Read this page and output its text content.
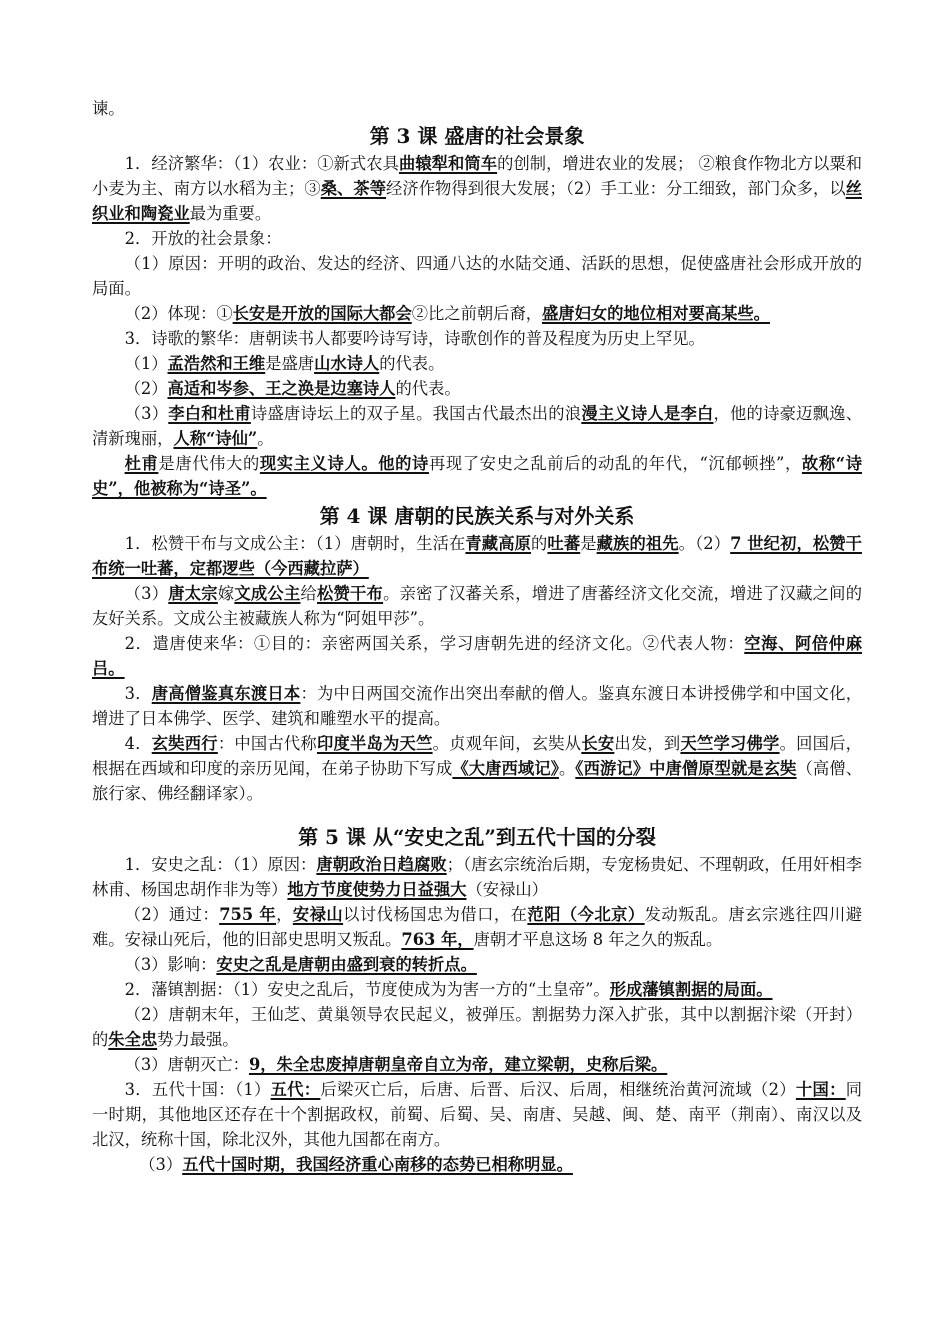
谏。

第 3 课 盛唐的社会景象

1．经济繁华：（1）农业：①新式农具曲辕犁和筒车的创制，增进农业的发展； ②粮食作物北方以粟和小麦为主、南方以水稻为主；③桑、茶等经济作物得到很大发展；（2）手工业：分工细致，部门众多，以丝织业和陶瓷业最为重要。

2．开放的社会景象：

（1）原因：开明的政治、发达的经济、四通八达的水陆交通、活跃的思想，促使盛唐社会形成开放的局面。

（2）体现：①长安是开放的国际大都会②比之前朝后裔，盛唐妇女的地位相对要高某些。

3．诗歌的繁华：唐朝读书人都要吟诗写诗，诗歌创作的普及程度为历史上罕见。

（1）孟浩然和王维是盛唐山水诗人的代表。

（2）高适和岑参、王之涣是边塞诗人的代表。

（3）李白和杜甫诗盛唐诗坛上的双子星。我国古代最杰出的浪漫主义诗人是李白，他的诗豪迈飘逸、清新瑰丽，人称“诗仙”。

杜甫是唐代伟大的现实主义诗人。他的诗再现了安史之乱前后的动乱的年代，“沉郁顿挫”，故称“诗史”，他被称为“诗圣”。

第 4 课 唐朝的民族关系与对外关系

1．松赞干布与文成公主：（1）唐朝时，生活在青藏高原的吐蕃是藏族的祖先。（2）7 世纪初，松赞干布统一吐蕃，定都逻些（今西藏拉萨）

（3）唐太宗嫁文成公主给松赞干布。亲密了汉蕃关系，增进了唐蕃经济文化交流，增进了汉藏之间的友好关系。文成公主被藏族人称为“阿姐甲莎”。

2．遣唐使来华：①目的：亲密两国关系，学习唐朝先进的经济文化。②代表人物：空海、阿倍仲麻吕。

3．唐高僧鉴真东渡日本：为中日两国交流作出突出奉献的僧人。鉴真东渡日本讲授佛学和中国文化，增进了日本佛学、医学、建筑和雕塑水平的提高。

4．玄奘西行：中国古代称印度半岛为天竺。贞观年间，玄奘从长安出发，到天竺学习佛学。回国后，根据在西域和印度的亲历见闻，在弟子协助下写成《大唐西域记》。《西游记》中唐僧原型就是玄奘（高僧、旅行家、佛经翻译家）。

第 5 课 从“安史之乱”到五代十国的分裂

1．安史之乱：（1）原因：唐朝政治日趋腐败；（唐玄宗统治后期，专宠杨贵妃、不理朝政，任用奸相李林甫、杨国忠胡作非为等）地方节度使势力日益强大（安禄山）

（2）通过：755 年，安禄山以讨伐杨国忠为借口，在范阳（今北京）发动叛乱。唐玄宗逃往四川避难。安禄山死后，他的旧部史思明又叛乱。763 年，唐朝才平息这场 8 年之久的叛乱。

（3）影响：安史之乱是唐朝由盛到衰的转折点。

2．藩镇割据：（1）安史之乱后，节度使成为为害一方的“土皇帝”。形成藩镇割据的局面。

（2）唐朝末年，王仙芝、黄巢领导农民起义，被弹压。割据势力深入扩张，其中以割据汴梁（开封）的朱全忠势力最强。

（3）唐朝灭亡：9，朱全忠废掉唐朝皇帝自立为帝，建立梁朝，史称后梁。

3．五代十国：（1）五代：后梁灭亡后，后唐、后晋、后汉、后周，相继统治黄河流域（2）十国：同一时期，其他地区还存在十个割据政权，前蜀、后蜀、吴、南唐、吴越、闽、楚、南平（荆南）、南汉以及北汉，统称十国，除北汉外，其他九国都在南方。

（3）五代十国时期，我国经济重心南移的态势已相称明显。
